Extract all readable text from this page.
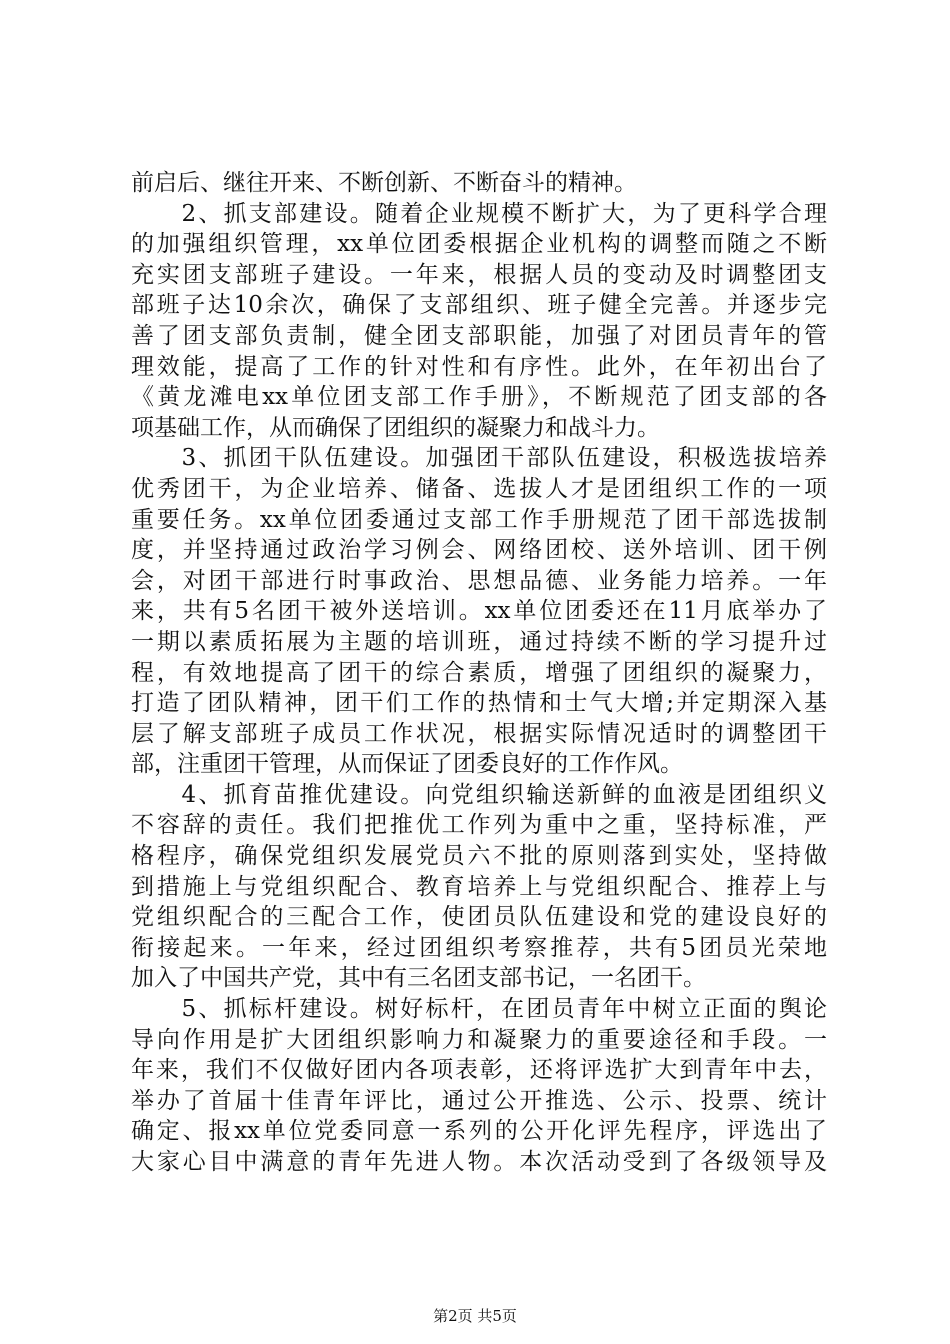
前启后、继往开来、不断创新、不断奋斗的精神。
　　2、抓支部建设。随着企业规模不断扩大，为了更科学合理
的加强组织管理，xx单位团委根据企业机构的调整而随之不断
充实团支部班子建设。一年来，根据人员的变动及时调整团支
部班子达10余次，确保了支部组织、班子健全完善。并逐步完
善了团支部负责制，健全团支部职能，加强了对团员青年的管
理效能，提高了工作的针对性和有序性。此外，在年初出台了
《黄龙滩电xx单位团支部工作手册》，不断规范了团支部的各
项基础工作，从而确保了团组织的凝聚力和战斗力。
　　3、抓团干队伍建设。加强团干部队伍建设，积极选拔培养
优秀团干，为企业培养、储备、选拔人才是团组织工作的一项
重要任务。xx单位团委通过支部工作手册规范了团干部选拔制
度，并坚持通过政治学习例会、网络团校、送外培训、团干例
会，对团干部进行时事政治、思想品德、业务能力培养。一年
来，共有5名团干被外送培训。xx单位团委还在11月底举办了
一期以素质拓展为主题的培训班，通过持续不断的学习提升过
程，有效地提高了团干的综合素质，增强了团组织的凝聚力，
打造了团队精神，团干们工作的热情和士气大增;并定期深入基
层了解支部班子成员工作状况，根据实际情况适时的调整团干
部，注重团干管理，从而保证了团委良好的工作作风。
　　4、抓育苗推优建设。向党组织输送新鲜的血液是团组织义
不容辞的责任。我们把推优工作列为重中之重，坚持标准，严
格程序，确保党组织发展党员六不批的原则落到实处，坚持做
到措施上与党组织配合、教育培养上与党组织配合、推荐上与
党组织配合的三配合工作，使团员队伍建设和党的建设良好的
衔接起来。一年来，经过团组织考察推荐，共有5团员光荣地
加入了中国共产党，其中有三名团支部书记，一名团干。
　　5、抓标杆建设。树好标杆，在团员青年中树立正面的舆论
导向作用是扩大团组织影响力和凝聚力的重要途径和手段。一
年来，我们不仅做好团内各项表彰，还将评选扩大到青年中去，
举办了首届十佳青年评比，通过公开推选、公示、投票、统计
确定、报xx单位党委同意一系列的公开化评先程序，评选出了
大家心目中满意的青年先进人物。本次活动受到了各级领导及
第2页 共5页
